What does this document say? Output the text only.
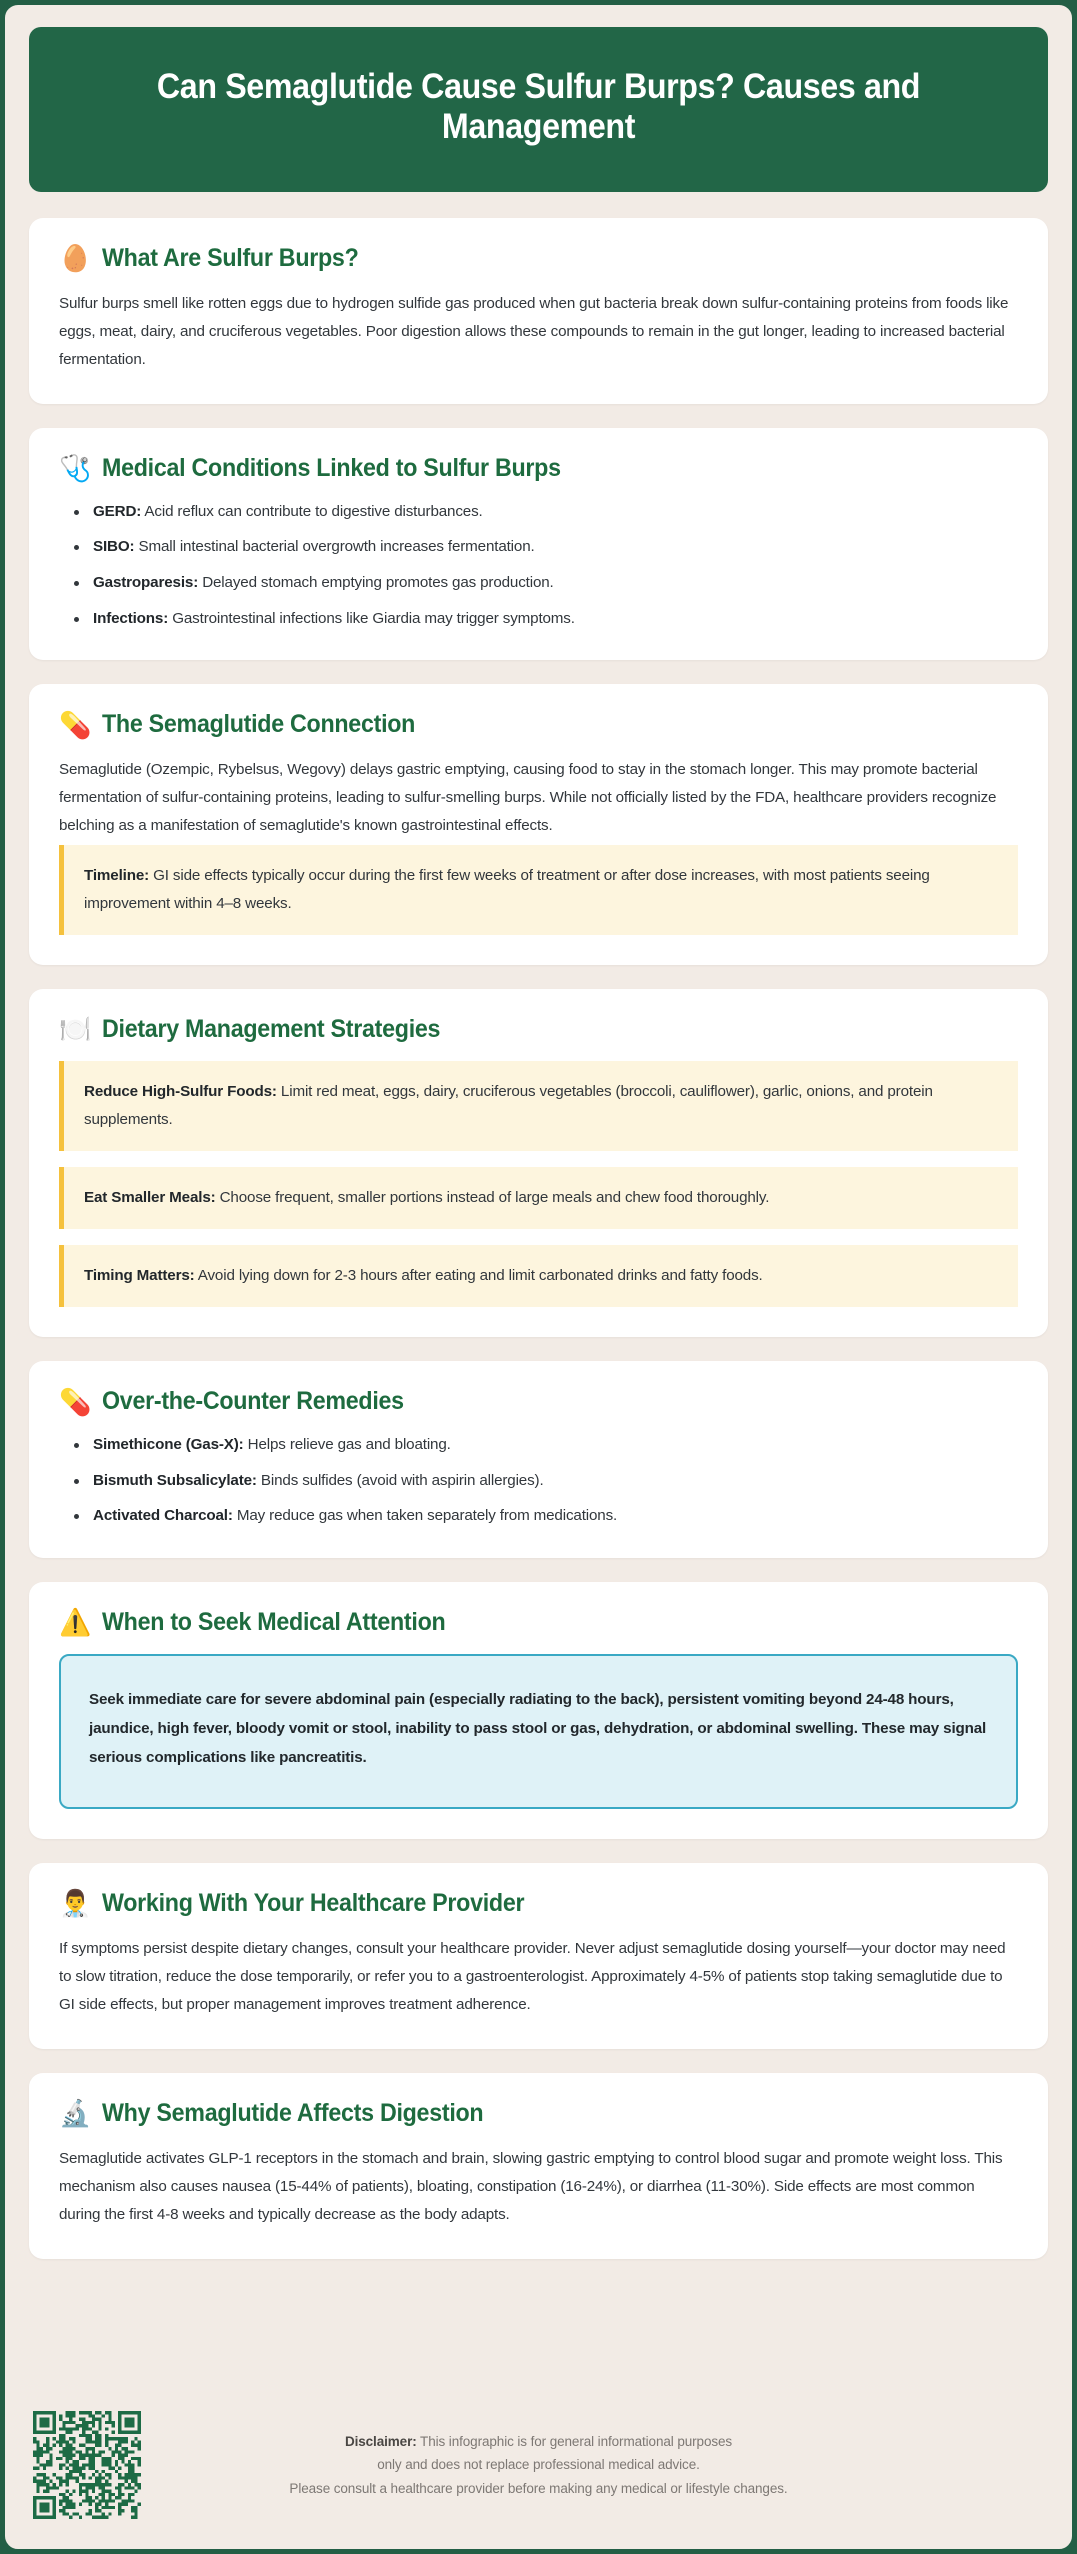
Can Semaglutide Cause Sulfur Burps? Causes and Management
🥚 What Are Sulfur Burps?

Sulfur burps smell like rotten eggs due to hydrogen sulfide gas produced when gut bacteria break down sulfur-containing proteins from foods like eggs, meat, dairy, and cruciferous vegetables. Poor digestion allows these compounds to remain in the gut longer, leading to increased bacterial fermentation.

🩺 Medical Conditions Linked to Sulfur Burps
GERD: Acid reflux can contribute to digestive disturbances.
SIBO: Small intestinal bacterial overgrowth increases fermentation.
Gastroparesis: Delayed stomach emptying promotes gas production.
Infections: Gastrointestinal infections like Giardia may trigger symptoms.
💊 The Semaglutide Connection

Semaglutide (Ozempic, Rybelsus, Wegovy) delays gastric emptying, causing food to stay in the stomach longer. This may promote bacterial fermentation of sulfur-containing proteins, leading to sulfur-smelling burps. While not officially listed by the FDA, healthcare providers recognize belching as a manifestation of semaglutide's known gastrointestinal effects.

Timeline: GI side effects typically occur during the first few weeks of treatment or after dose increases, with most patients seeing improvement within 4–8 weeks.
🍽️ Dietary Management Strategies
Reduce High-Sulfur Foods: Limit red meat, eggs, dairy, cruciferous vegetables (broccoli, cauliflower), garlic, onions, and protein supplements.
Eat Smaller Meals: Choose frequent, smaller portions instead of large meals and chew food thoroughly.
Timing Matters: Avoid lying down for 2-3 hours after eating and limit carbonated drinks and fatty foods.
💊 Over-the-Counter Remedies
Simethicone (Gas-X): Helps relieve gas and bloating.
Bismuth Subsalicylate: Binds sulfides (avoid with aspirin allergies).
Activated Charcoal: May reduce gas when taken separately from medications.
⚠️ When to Seek Medical Attention
Seek immediate care for severe abdominal pain (especially radiating to the back), persistent vomiting beyond 24-48 hours, jaundice, high fever, bloody vomit or stool, inability to pass stool or gas, dehydration, or abdominal swelling. These may signal serious complications like pancreatitis.
👨‍⚕️ Working With Your Healthcare Provider

If symptoms persist despite dietary changes, consult your healthcare provider. Never adjust semaglutide dosing yourself—your doctor may need to slow titration, reduce the dose temporarily, or refer you to a gastroenterologist. Approximately 4-5% of patients stop taking semaglutide due to GI side effects, but proper management improves treatment adherence.

🔬 Why Semaglutide Affects Digestion

Semaglutide activates GLP-1 receptors in the stomach and brain, slowing gastric emptying to control blood sugar and promote weight loss. This mechanism also causes nausea (15-44% of patients), bloating, constipation (16-24%), or diarrhea (11-30%). Side effects are most common during the first 4-8 weeks and typically decrease as the body adapts.

Disclaimer: This infographic is for general informational purposes
only and does not replace professional medical advice.
Please consult a healthcare provider before making any medical or lifestyle changes.
